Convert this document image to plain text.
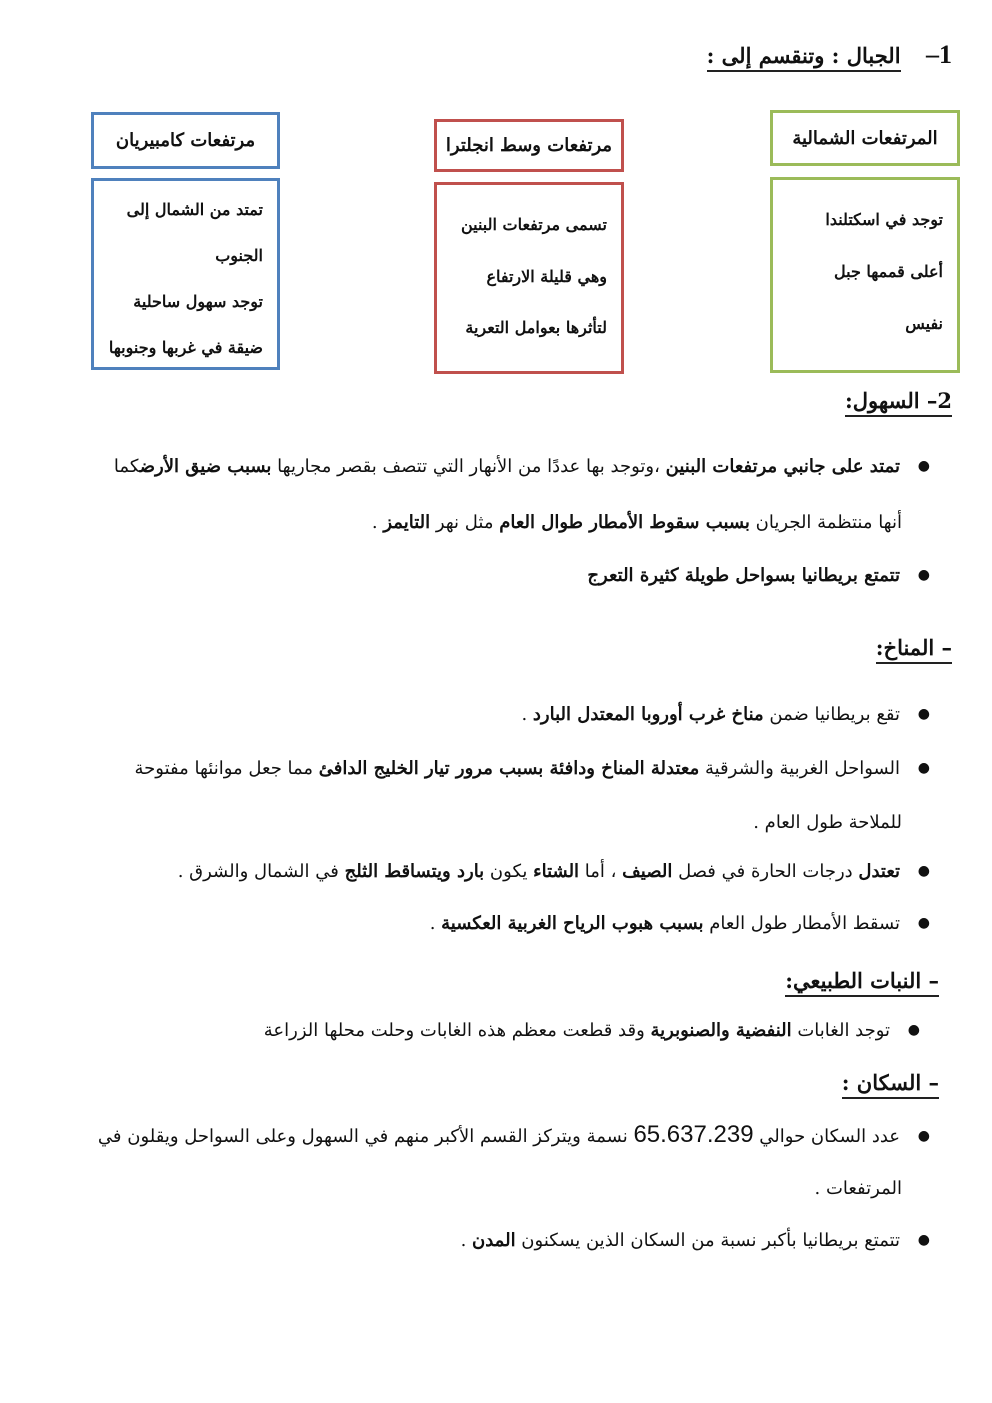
1–  الجبال : وتنقسم إلى :
المرتفعات الشمالية
توجد في اسكتلندا
أعلى قممها جبل
نفيس
مرتفعات وسط انجلترا
تسمى مرتفعات البنين
وهي قليلة الارتفاع
لتأثرها بعوامل التعرية
مرتفعات كامبيريان
تمتد من الشمال إلى
الجنوب
توجد سهول ساحلية
ضيقة في غربها وجنوبها
2– السهول:
● تمتد على جانبي مرتفعات البنين ،وتوجد بها عددًا من الأنهار التي تتصف بقصر مجاريها بسبب ضيق الأرضكما
أنها منتظمة الجريان بسبب سقوط الأمطار طوال العام مثل نهر التايمز .
● تتمتع بريطانيا بسواحل طويلة كثيرة التعرج
– المناخ:
● تقع بريطانيا ضمن مناخ غرب أوروبا المعتدل البارد .
● السواحل الغربية والشرقية معتدلة المناخ ودافئة بسبب مرور تيار الخليج الدافئ مما جعل موانئها مفتوحة
للملاحة طول العام .
● تعتدل درجات الحارة في فصل الصيف ، أما الشتاء يكون بارد ويتساقط الثلج في الشمال والشرق .
● تسقط الأمطار طول العام بسبب هبوب الرياح الغربية العكسية .
– النبات الطبيعي:
● توجد الغابات النفضية والصنوبرية وقد قطعت معظم هذه الغابات وحلت محلها الزراعة
– السكان :
● عدد السكان حوالي 65.637.239 نسمة ويتركز القسم الأكبر منهم في السهول وعلى السواحل ويقلون في
المرتفعات .
● تتمتع بريطانيا بأكبر نسبة من السكان الذين يسكنون المدن .
